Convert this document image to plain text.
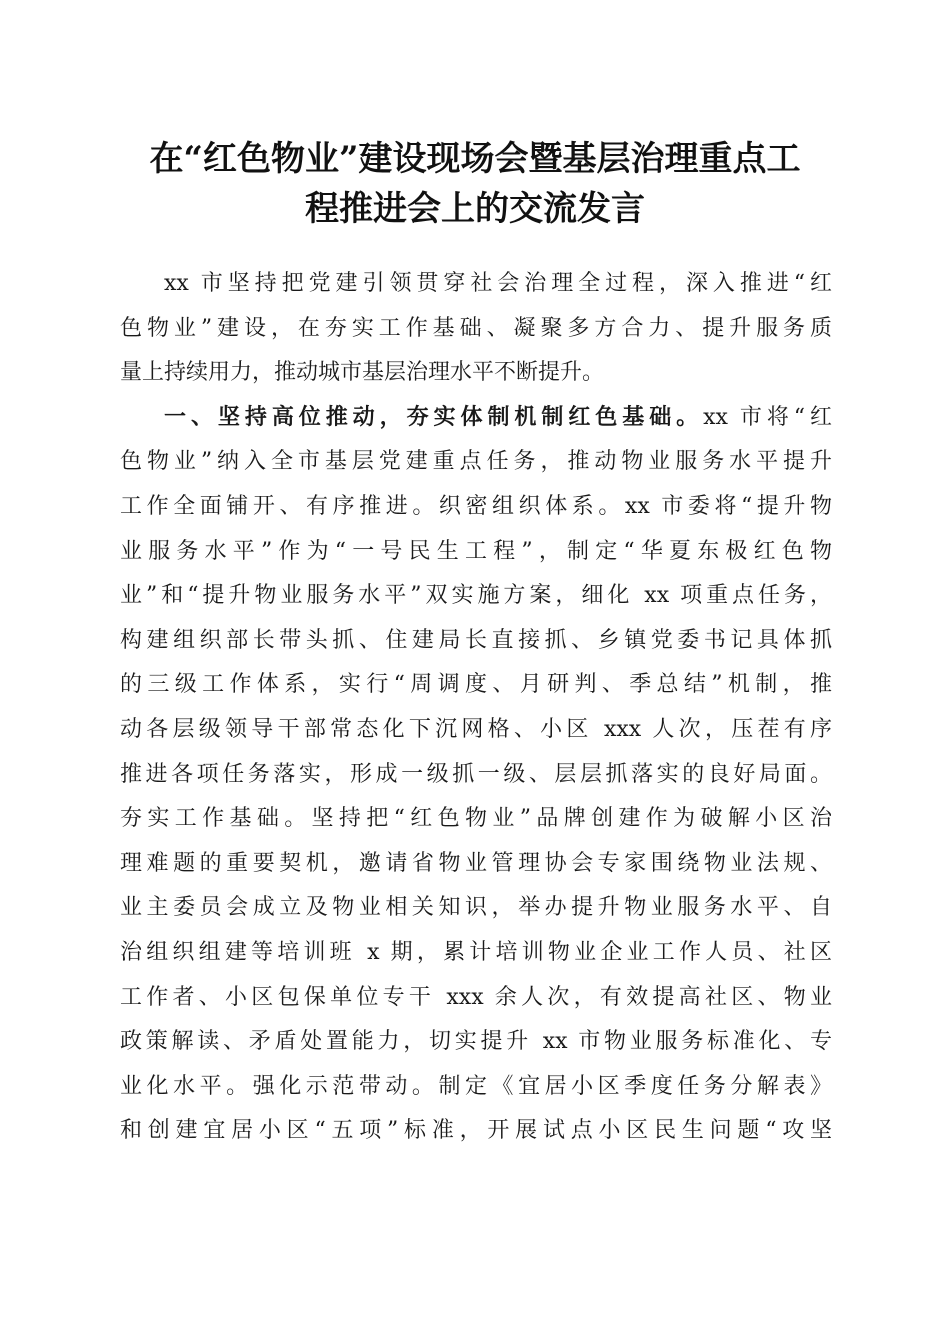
在“红色物业”建设现场会暨基层治理重点工
程推进会上的交流发言
xx 市坚持把党建引领贯穿社会治理全过程，深入推进“红
色物业”建设，在夯实工作基础、凝聚多方合力、提升服务质
量上持续用力，推动城市基层治理水平不断提升。
一、坚持高位推动，夯实体制机制红色基础。xx 市将“红
色物业”纳入全市基层党建重点任务，推动物业服务水平提升
工作全面铺开、有序推进。织密组织体系。xx 市委将“提升物
业服务水平”作为“一号民生工程”，制定“华夏东极红色物
业”和“提升物业服务水平”双实施方案，细化 xx 项重点任务，
构建组织部长带头抓、住建局长直接抓、乡镇党委书记具体抓
的三级工作体系，实行“周调度、月研判、季总结”机制，推
动各层级领导干部常态化下沉网格、小区 xxx 人次，压茬有序
推进各项任务落实，形成一级抓一级、层层抓落实的良好局面。
夯实工作基础。坚持把“红色物业”品牌创建作为破解小区治
理难题的重要契机，邀请省物业管理协会专家围绕物业法规、
业主委员会成立及物业相关知识，举办提升物业服务水平、自
治组织组建等培训班 x 期，累计培训物业企业工作人员、社区
工作者、小区包保单位专干 xxx 余人次，有效提高社区、物业
政策解读、矛盾处置能力，切实提升 xx 市物业服务标准化、专
业化水平。强化示范带动。制定《宜居小区季度任务分解表》
和创建宜居小区“五项”标准，开展试点小区民生问题“攻坚
